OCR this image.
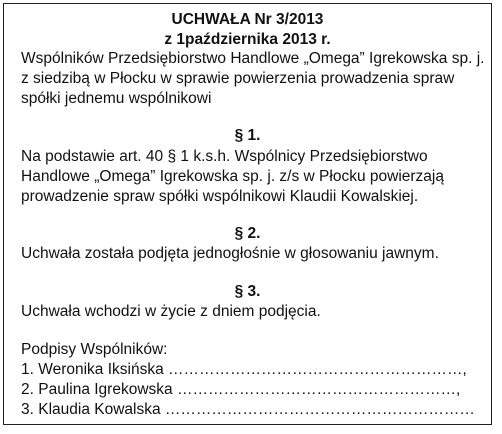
UCHWAŁA Nr 3/2013
z 1października 2013 r.
Wspólników Przedsiębiorstwo Handlowe „Omega” Igrekowska sp. j.
z siedzibą w Płocku w sprawie powierzenia prowadzenia spraw
spółki jednemu wspólnikowi
§ 1.
Na podstawie art. 40 § 1 k.s.h. Wspólnicy Przedsiębiorstwo
Handlowe „Omega” Igrekowska sp. j. z/s w Płocku powierzają
prowadzenie spraw spółki wspólnikowi Klaudii Kowalskiej.
§ 2.
Uchwała została podjęta jednogłośnie w głosowaniu jawnym.
§ 3.
Uchwała wchodzi w życie z dniem podjęcia.
Podpisy Wspólników:
1. Weronika Iksińska …………………………………………………,
2. Paulina Igrekowska ………………………………………………,
3. Klaudia Kowalska ……………………………………………………
